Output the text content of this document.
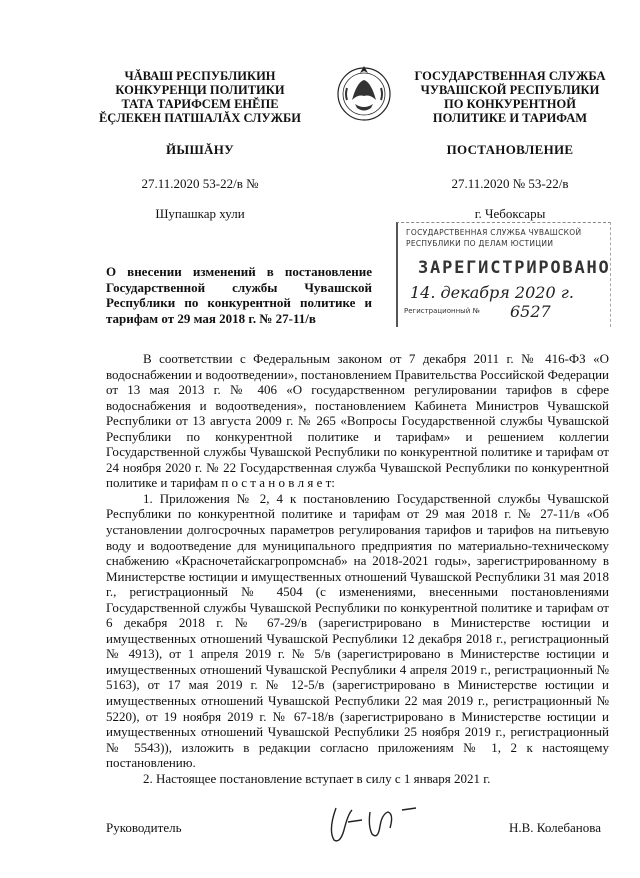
ЧĂВАШ РЕСПУБЛИКИН
КОНКУРЕНЦИ ПОЛИТИКИ
ТАТА ТАРИФСЕМ ЕНĔПЕ
ĔÇЛЕКЕН ПАТШАЛĂХ СЛУЖБИ
ГОСУДАРСТВЕННАЯ СЛУЖБА
ЧУВАШСКОЙ РЕСПУБЛИКИ
ПО КОНКУРЕНТНОЙ
ПОЛИТИКЕ И ТАРИФАМ
ЙЫШĂНУ	ПОСТАНОВЛЕНИЕ
27.11.2020 53-22/в №	27.11.2020 № 53-22/в
Шупашкар хули	г. Чебоксары
ГОСУДАРСТВЕННАЯ СЛУЖБА ЧУВАШСКОЙ
РЕСПУБЛИКИ ПО ДЕЛАМ ЮСТИЦИИ
ЗАРЕГИСТРИРОВАНО
14. декабря 2020 г.
Регистрационный № 6527
О внесении изменений в постановление Государственной службы Чувашской Республики по конкурентной политике и тарифам от 29 мая 2018 г. № 27-11/в

В соответствии с Федеральным законом от 7 декабря 2011 г. № 416-ФЗ «О водоснабжении и водоотведении», постановлением Правительства Российской Федерации от 13 мая 2013 г. № 406 «О государственном регулировании тарифов в сфере водоснабжения и водоотведения», постановлением Кабинета Министров Чувашской Республики от 13 августа 2009 г. № 265 «Вопросы Государственной службы Чувашской Республики по конкурентной политике и тарифам» и решением коллегии Государственной службы Чувашской Республики по конкурентной политике и тарифам от 24 ноября 2020 г. № 22 Государственная служба Чувашской Республики по конкурентной политике и тарифам п о с т а н о в л я е т:

1. Приложения № 2, 4 к постановлению Государственной службы Чувашской Республики по конкурентной политике и тарифам от 29 мая 2018 г. № 27-11/в «Об установлении долгосрочных параметров регулирования тарифов и тарифов на питьевую воду и водоотведение для муниципального предприятия по материально-техническому снабжению «Красночетайскагропромснаб» на 2018-2021 годы», зарегистрированному в Министерстве юстиции и имущественных отношений Чувашской Республики 31 мая 2018 г., регистрационный № 4504 (с изменениями, внесенными постановлениями Государственной службы Чувашской Республики по конкурентной политике и тарифам от 6 декабря 2018 г. № 67-29/в (зарегистрировано в Министерстве юстиции и имущественных отношений Чувашской Республики 12 декабря 2018 г., регистрационный № 4913), от 1 апреля 2019 г. № 5/в (зарегистрировано в Министерстве юстиции и имущественных отношений Чувашской Республики 4 апреля 2019 г., регистрационный № 5163), от 17 мая 2019 г. № 12-5/в (зарегистрировано в Министерстве юстиции и имущественных отношений Чувашской Республики 22 мая 2019 г., регистрационный № 5220), от 19 ноября 2019 г. № 67-18/в (зарегистрировано в Министерстве юстиции и имущественных отношений Чувашской Республики 25 ноября 2019 г., регистрационный № 5543)), изложить в редакции согласно приложениям № 1, 2 к настоящему постановлению.

2. Настоящее постановление вступает в силу с 1 января 2021 г.

Руководитель	Н.В. Колебанова
